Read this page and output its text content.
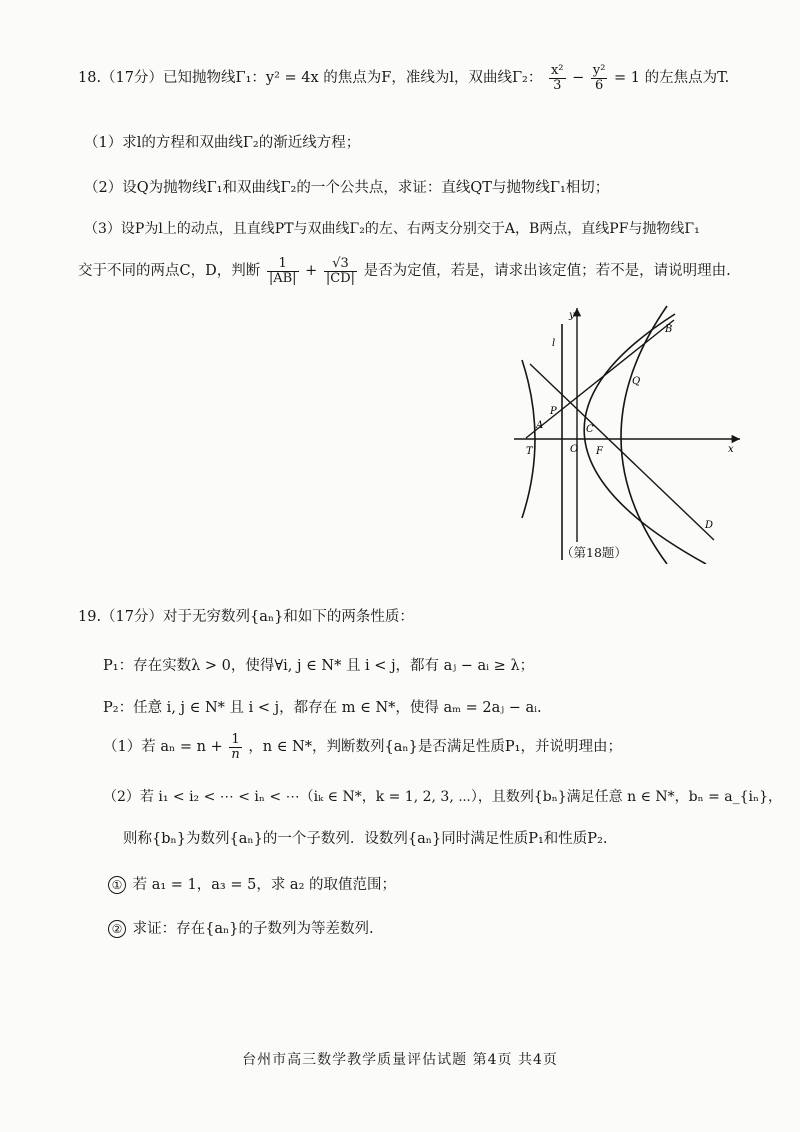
18.（17分）已知抛物线Γ₁：y² = 4x 的焦点为F，准线为l，双曲线Γ₂： $\frac{\text{x²}}{3} - \frac{\text{y²}}{6} = 1$ 的左焦点为T.
（1）求l的方程和双曲线Γ₂的渐近线方程；
（2）设Q为抛物线Γ₁和双曲线Γ₂的一个公共点，求证：直线QT与抛物线Γ₁相切；
（3）设P为l上的动点，且直线PT与双曲线Γ₂的左、右两支分别交于A，B两点，直线PF与抛物线Γ₁
交于不同的两点C，D，判断 $\frac{1}{|AB|} + \frac{√3}{|CD|}$ 是否为定值，若是，请求出该定值；若不是，请说明理由.
y
x
l
O F
T
P
A	C
Q
B
D
（第18题）
19.（17分）对于无穷数列{aₙ}和如下的两条性质：
P₁：存在实数λ > 0，使得∀i, j ∈ N* 且 i < j，都有 aⱼ − aᵢ ≥ λ；
P₂：任意 i, j ∈ N* 且 i < j，都存在 m ∈ N*，使得 aₘ = 2aⱼ − aᵢ.
（1）若 $a_n = n + \frac{1}{n}$ ，n ∈ N*，判断数列{aₙ}是否满足性质P₁，并说明理由；
（2）若 i₁ < i₂ < ⋯ < iₙ < ⋯（iₖ ∈ N*，k = 1, 2, 3, ⋯），且数列{bₙ}满足任意 n ∈ N*，bₙ = a_{iₙ}，
则称{bₙ}为数列{aₙ}的一个子数列．设数列{aₙ}同时满足性质P₁和性质P₂.
① 若 a₁ = 1，a₃ = 5，求 a₂ 的取值范围；
② 求证：存在{aₙ}的子数列为等差数列.
台州市高三数学教学质量评估试题 第4页 共4页
